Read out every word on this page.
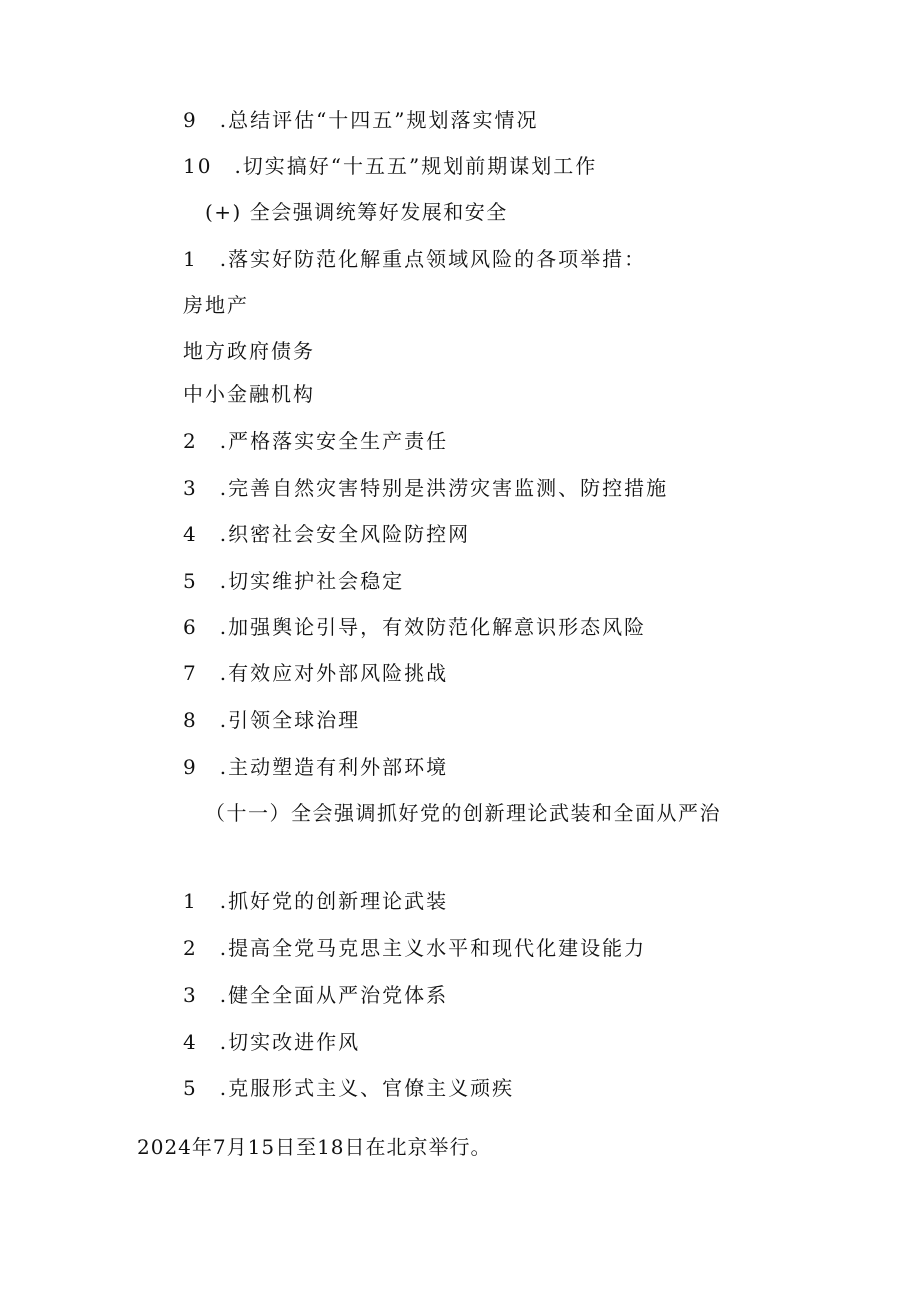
9　.总结评估“十四五”规划落实情况
10　.切实搞好“十五五”规划前期谋划工作
(+) 全会强调统筹好发展和安全
1　.落实好防范化解重点领域风险的各项举措：
房地产
地方政府债务
中小金融机构
2　.严格落实安全生产责任
3　.完善自然灾害特别是洪涝灾害监测、防控措施
4　.织密社会安全风险防控网
5　.切实维护社会稳定
6　.加强舆论引导，有效防范化解意识形态风险
7　.有效应对外部风险挑战
8　.引领全球治理
9　.主动塑造有利外部环境
（十一）全会强调抓好党的创新理论武装和全面从严治
1　.抓好党的创新理论武装
2　.提高全党马克思主义水平和现代化建设能力
3　.健全全面从严治党体系
4　.切实改进作风
5　.克服形式主义、官僚主义顽疾
2024年7月15日至18日在北京举行。
